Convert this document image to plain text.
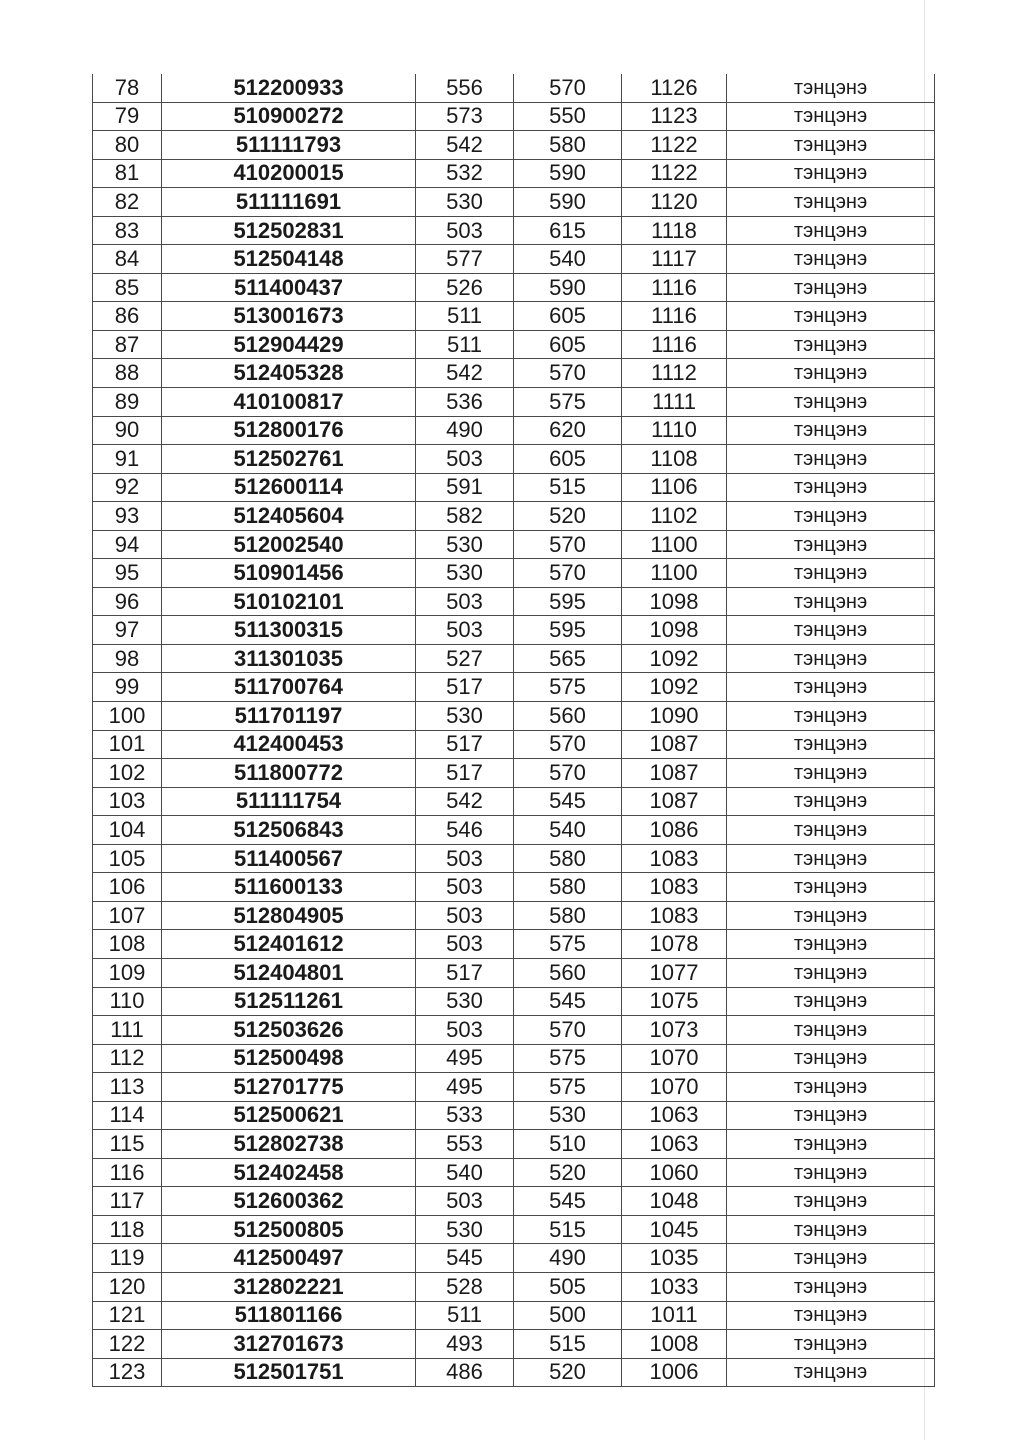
78	512200933	556	570	1126	тэнцэнэ
79	510900272	573	550	1123	тэнцэнэ
80	511111793	542	580	1122	тэнцэнэ
81	410200015	532	590	1122	тэнцэнэ
82	511111691	530	590	1120	тэнцэнэ
83	512502831	503	615	1118	тэнцэнэ
84	512504148	577	540	1117	тэнцэнэ
85	511400437	526	590	1116	тэнцэнэ
86	513001673	511	605	1116	тэнцэнэ
87	512904429	511	605	1116	тэнцэнэ
88	512405328	542	570	1112	тэнцэнэ
89	410100817	536	575	1111	тэнцэнэ
90	512800176	490	620	1110	тэнцэнэ
91	512502761	503	605	1108	тэнцэнэ
92	512600114	591	515	1106	тэнцэнэ
93	512405604	582	520	1102	тэнцэнэ
94	512002540	530	570	1100	тэнцэнэ
95	510901456	530	570	1100	тэнцэнэ
96	510102101	503	595	1098	тэнцэнэ
97	511300315	503	595	1098	тэнцэнэ
98	311301035	527	565	1092	тэнцэнэ
99	511700764	517	575	1092	тэнцэнэ
100	511701197	530	560	1090	тэнцэнэ
101	412400453	517	570	1087	тэнцэнэ
102	511800772	517	570	1087	тэнцэнэ
103	511111754	542	545	1087	тэнцэнэ
104	512506843	546	540	1086	тэнцэнэ
105	511400567	503	580	1083	тэнцэнэ
106	511600133	503	580	1083	тэнцэнэ
107	512804905	503	580	1083	тэнцэнэ
108	512401612	503	575	1078	тэнцэнэ
109	512404801	517	560	1077	тэнцэнэ
110	512511261	530	545	1075	тэнцэнэ
111	512503626	503	570	1073	тэнцэнэ
112	512500498	495	575	1070	тэнцэнэ
113	512701775	495	575	1070	тэнцэнэ
114	512500621	533	530	1063	тэнцэнэ
115	512802738	553	510	1063	тэнцэнэ
116	512402458	540	520	1060	тэнцэнэ
117	512600362	503	545	1048	тэнцэнэ
118	512500805	530	515	1045	тэнцэнэ
119	412500497	545	490	1035	тэнцэнэ
120	312802221	528	505	1033	тэнцэнэ
121	511801166	511	500	1011	тэнцэнэ
122	312701673	493	515	1008	тэнцэнэ
123	512501751	486	520	1006	тэнцэнэ
